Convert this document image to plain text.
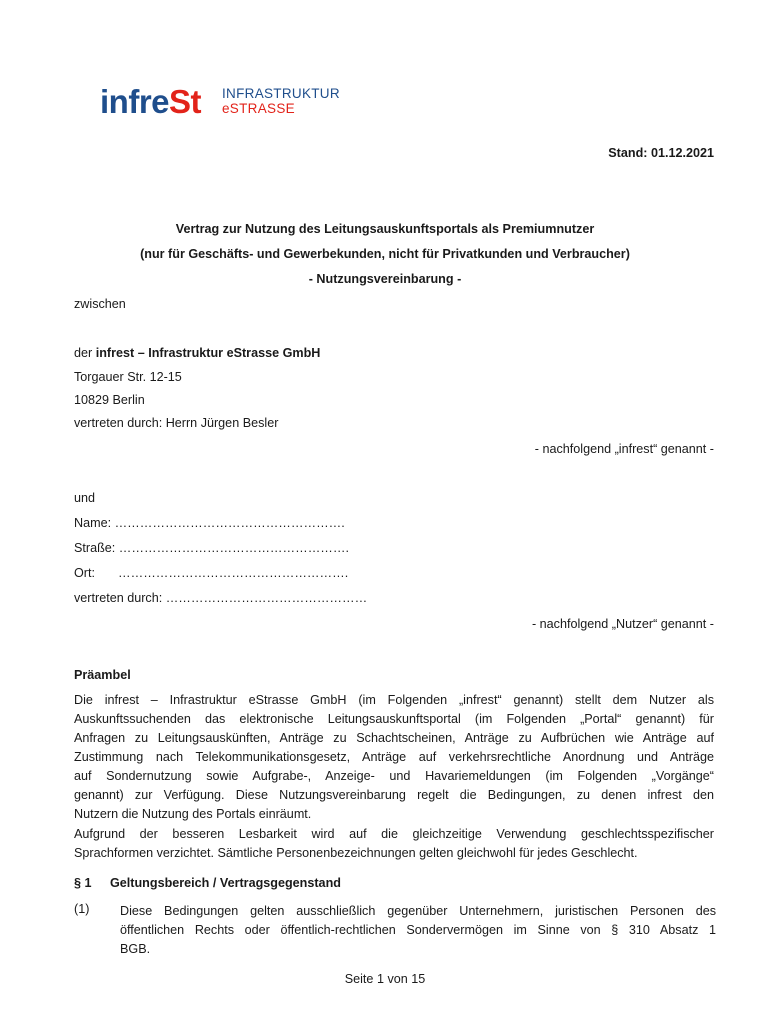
infreSt INFRASTRUKTUR
eSTRASSE
Stand: 01.12.2021
Vertrag zur Nutzung des Leitungsauskunftsportals als Premiumnutzer
(nur für Geschäfts- und Gewerbekunden, nicht für Privatkunden und Verbraucher)
- Nutzungsvereinbarung -
zwischen
der infrest – Infrastruktur eStrasse GmbH
Torgauer Str. 12-15
10829 Berlin
vertreten durch: Herrn Jürgen Besler
- nachfolgend „infrest“ genannt -
und
Name: ……………………………………………….
Straße: ……………………………………………….
Ort: ……………………………………………….
vertreten durch: …………………………………………
- nachfolgend „Nutzer“ genannt -
Präambel
Die infrest – Infrastruktur eStrasse GmbH (im Folgenden „infrest“ genannt) stellt dem Nutzer als
Auskunftssuchenden das elektronische Leitungsauskunftsportal (im Folgenden „Portal“ genannt) für
Anfragen zu Leitungsauskünften, Anträge zu Schachtscheinen, Anträge zu Aufbrüchen wie Anträge auf
Zustimmung nach Telekommunikationsgesetz, Anträge auf verkehrsrechtliche Anordnung und Anträge
auf Sondernutzung sowie Aufgrabe-, Anzeige- und Havariemeldungen (im Folgenden „Vorgänge“
genannt) zur Verfügung. Diese Nutzungsvereinbarung regelt die Bedingungen, zu denen infrest den
Nutzern die Nutzung des Portals einräumt.
Aufgrund der besseren Lesbarkeit wird auf die gleichzeitige Verwendung geschlechtsspezifischer
Sprachformen verzichtet. Sämtliche Personenbezeichnungen gelten gleichwohl für jedes Geschlecht.
§ 1 Geltungsbereich / Vertragsgegenstand
(1) Diese Bedingungen gelten ausschließlich gegenüber Unternehmern, juristischen Personen des
öffentlichen Rechts oder öffentlich-rechtlichen Sondervermögen im Sinne von § 310 Absatz 1
BGB.
Seite 1 von 15
